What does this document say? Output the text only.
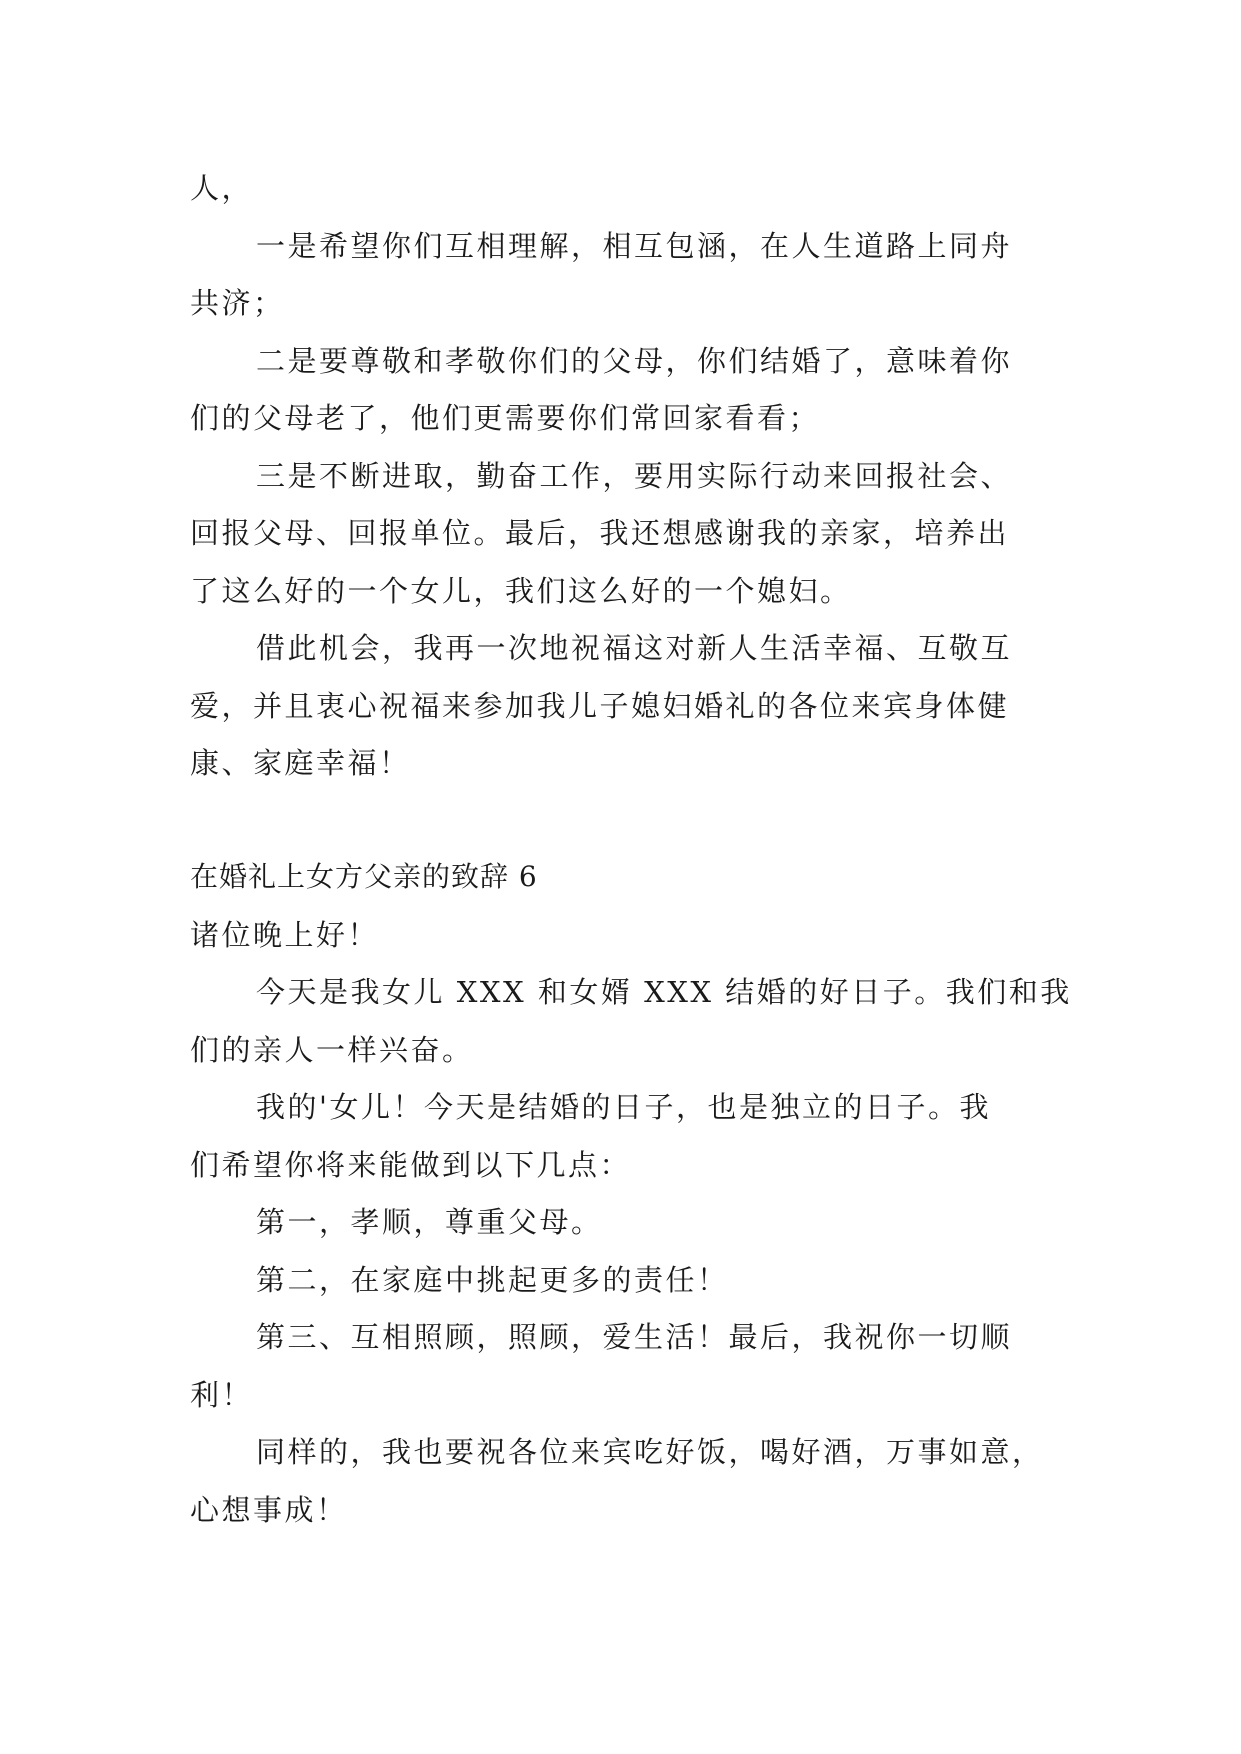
人，
一是希望你们互相理解，相互包涵，在人生道路上同舟
共济；
二是要尊敬和孝敬你们的父母，你们结婚了，意味着你
们的父母老了，他们更需要你们常回家看看；
三是不断进取，勤奋工作，要用实际行动来回报社会、
回报父母、回报单位。最后，我还想感谢我的亲家，培养出
了这么好的一个女儿，我们这么好的一个媳妇。
借此机会，我再一次地祝福这对新人生活幸福、互敬互
爱，并且衷心祝福来参加我儿子媳妇婚礼的各位来宾身体健
康、家庭幸福！
在婚礼上女方父亲的致辞 6
诸位晚上好！
今天是我女儿 XXX 和女婿 XXX 结婚的好日子。我们和我
们的亲人一样兴奋。
我的'女儿！今天是结婚的日子，也是独立的日子。我
们希望你将来能做到以下几点：
第一，孝顺，尊重父母。
第二，在家庭中挑起更多的责任！
第三、互相照顾，照顾，爱生活！最后，我祝你一切顺
利！
同样的，我也要祝各位来宾吃好饭，喝好酒，万事如意，
心想事成！
